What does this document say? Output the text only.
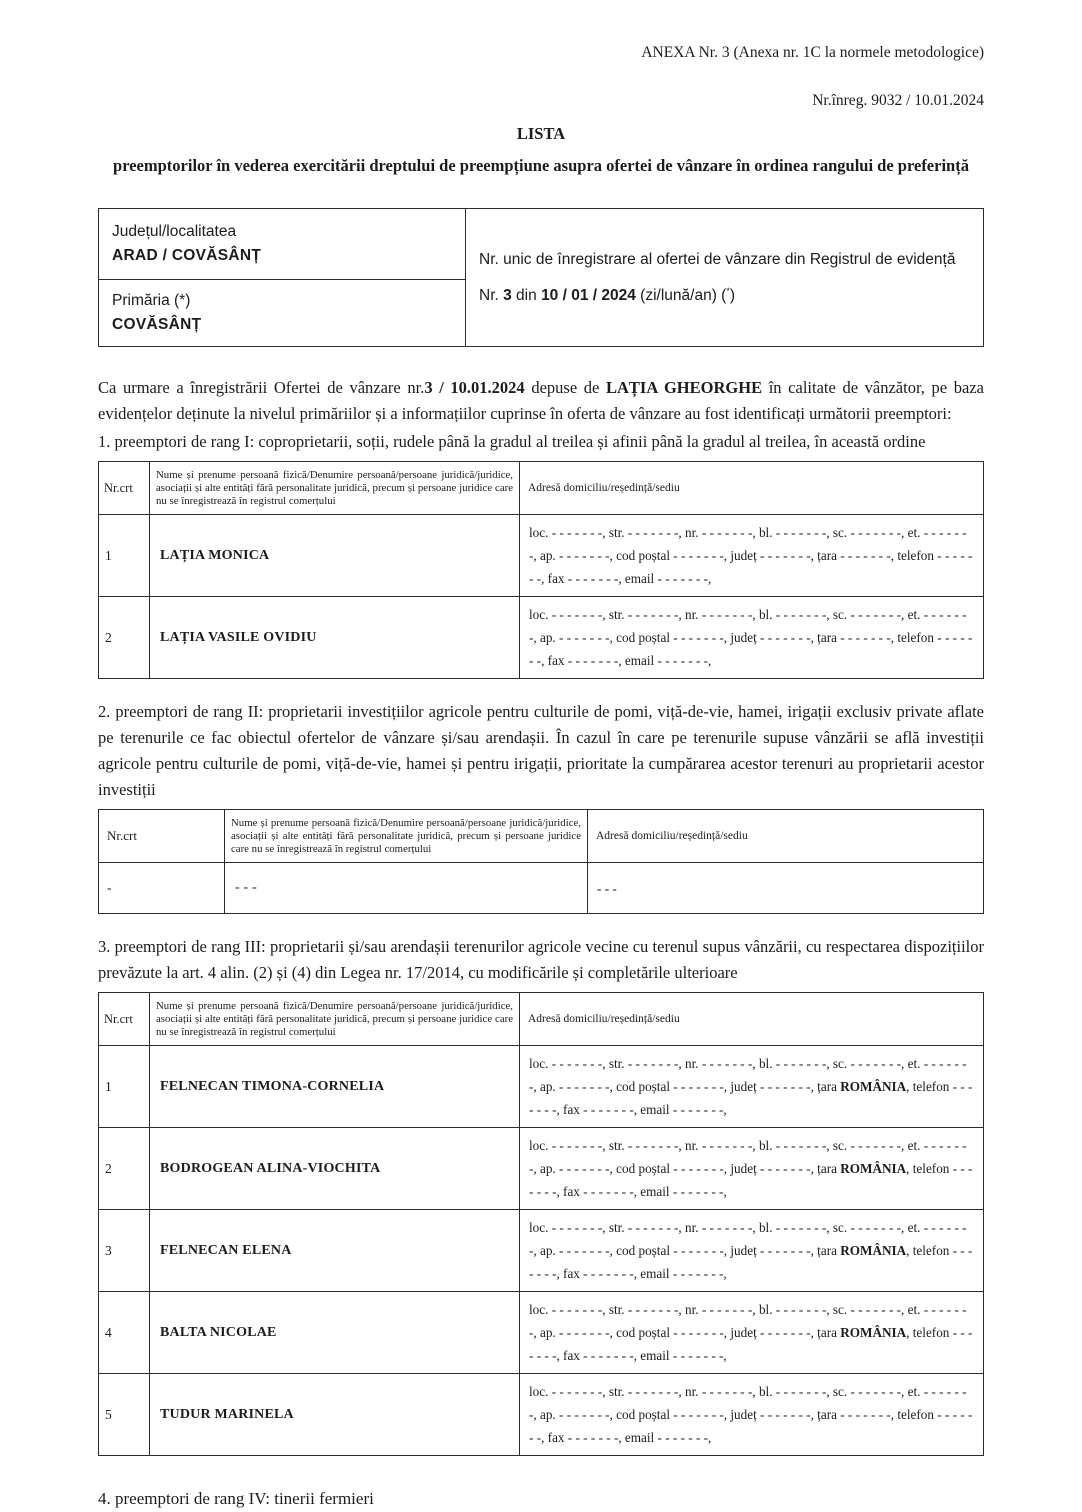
ANEXA Nr. 3 (Anexa nr. 1C la normele metodologice)
Nr.înreg. 9032 / 10.01.2024
LISTA
preemptorilor în vederea exercitării dreptului de preempțiune asupra ofertei de vânzare în ordinea rangului de preferință
Județul/localitatea
ARAD / COVĂSÂNȚ	Nr. unic de înregistrare al ofertei de vânzare din Registrul de evidență
Nr. 3 din 10 / 01 / 2024 (zi/lună/an) (*)

Primăria (*)
COVĂSÂNȚ
Ca urmare a înregistrării Ofertei de vânzare nr.3 / 10.01.2024 depuse de LAȚIA GHEORGHE în calitate de vânzător, pe baza evidențelor deținute la nivelul primăriilor și a informațiilor cuprinse în oferta de vânzare au fost identificați următorii preemptori:
1. preemptori de rang I: coproprietarii, soții, rudele până la gradul al treilea și afinii până la gradul al treilea, în această ordine
Nr.crt	Nume și prenume persoană fizică/Denumire persoană/persoane juridică/juridice, asociații și alte entități fără personalitate juridică, precum și persoane juridice care nu se înregistrează în registrul comerțului	Adresă domiciliu/reședință/sediu
1	LAȚIA MONICA	loc. - - - - - - -, str. - - - - - - -, nr. - - - - - - -, bl. - - - - - - -, sc. - - - - - - -, et. - - - - - - -, ap. - - - - - - -, cod poștal - - - - - - -, județ - - - - - - -, țara - - - - - - -, telefon - - - - - - -, fax - - - - - - -, email - - - - - - -,
2	LAȚIA VASILE OVIDIU	loc. - - - - - - -, str. - - - - - - -, nr. - - - - - - -, bl. - - - - - - -, sc. - - - - - - -, et. - - - - - - -, ap. - - - - - - -, cod poștal - - - - - - -, județ - - - - - - -, țara - - - - - - -, telefon - - - - - - -, fax - - - - - - -, email - - - - - - -,
2. preemptori de rang II: proprietarii investițiilor agricole pentru culturile de pomi, viță-de-vie, hamei, irigații exclusiv private aflate pe terenurile ce fac obiectul ofertelor de vânzare și/sau arendașii. În cazul în care pe terenurile supuse vânzării se află investiții agricole pentru culturile de pomi, viță-de-vie, hamei și pentru irigații, prioritate la cumpărarea acestor terenuri au proprietarii acestor investiții
Nr.crt	Nume și prenume persoană fizică/Denumire persoană/persoane juridică/juridice, asociații și alte entități fără personalitate juridică, precum și persoane juridice care nu se înregistrează în registrul comerțului	Adresă domiciliu/reședință/sediu
-	- - -	- - -
3. preemptori de rang III: proprietarii și/sau arendașii terenurilor agricole vecine cu terenul supus vânzării, cu respectarea dispozițiilor prevăzute la art. 4 alin. (2) și (4) din Legea nr. 17/2014, cu modificările și completările ulterioare
Nr.crt	Nume și prenume persoană fizică/Denumire persoană/persoane juridică/juridice, asociații și alte entități fără personalitate juridică, precum și persoane juridice care nu se înregistrează în registrul comerțului	Adresă domiciliu/reședință/sediu
1	FELNECAN TIMONA-CORNELIA	loc. - - - - - - -, str. - - - - - - -, nr. - - - - - - -, bl. - - - - - - -, sc. - - - - - - -, et. - - - - - - -, ap. - - - - - - -, cod poștal - - - - - - -, județ - - - - - - -, țara ROMÂNIA, telefon - - - - - - -, fax - - - - - - -, email - - - - - - -,
2	BODROGEAN ALINA-VIOCHITA	loc. - - - - - - -, str. - - - - - - -, nr. - - - - - - -, bl. - - - - - - -, sc. - - - - - - -, et. - - - - - - -, ap. - - - - - - -, cod poștal - - - - - - -, județ - - - - - - -, țara ROMÂNIA, telefon - - - - - - -, fax - - - - - - -, email - - - - - - -,
3	FELNECAN ELENA	loc. - - - - - - -, str. - - - - - - -, nr. - - - - - - -, bl. - - - - - - -, sc. - - - - - - -, et. - - - - - - -, ap. - - - - - - -, cod poștal - - - - - - -, județ - - - - - - -, țara ROMÂNIA, telefon - - - - - - -, fax - - - - - - -, email - - - - - - -,
4	BALTA NICOLAE	loc. - - - - - - -, str. - - - - - - -, nr. - - - - - - -, bl. - - - - - - -, sc. - - - - - - -, et. - - - - - - -, ap. - - - - - - -, cod poștal - - - - - - -, județ - - - - - - -, țara ROMÂNIA, telefon - - - - - - -, fax - - - - - - -, email - - - - - - -,
5	TUDUR MARINELA	loc. - - - - - - -, str. - - - - - - -, nr. - - - - - - -, bl. - - - - - - -, sc. - - - - - - -, et. - - - - - - -, ap. - - - - - - -, cod poștal - - - - - - -, județ - - - - - - -, țara - - - - - - -, telefon - - - - - - -, fax - - - - - - -, email - - - - - - -,
4. preemptori de rang IV: tinerii fermieri
